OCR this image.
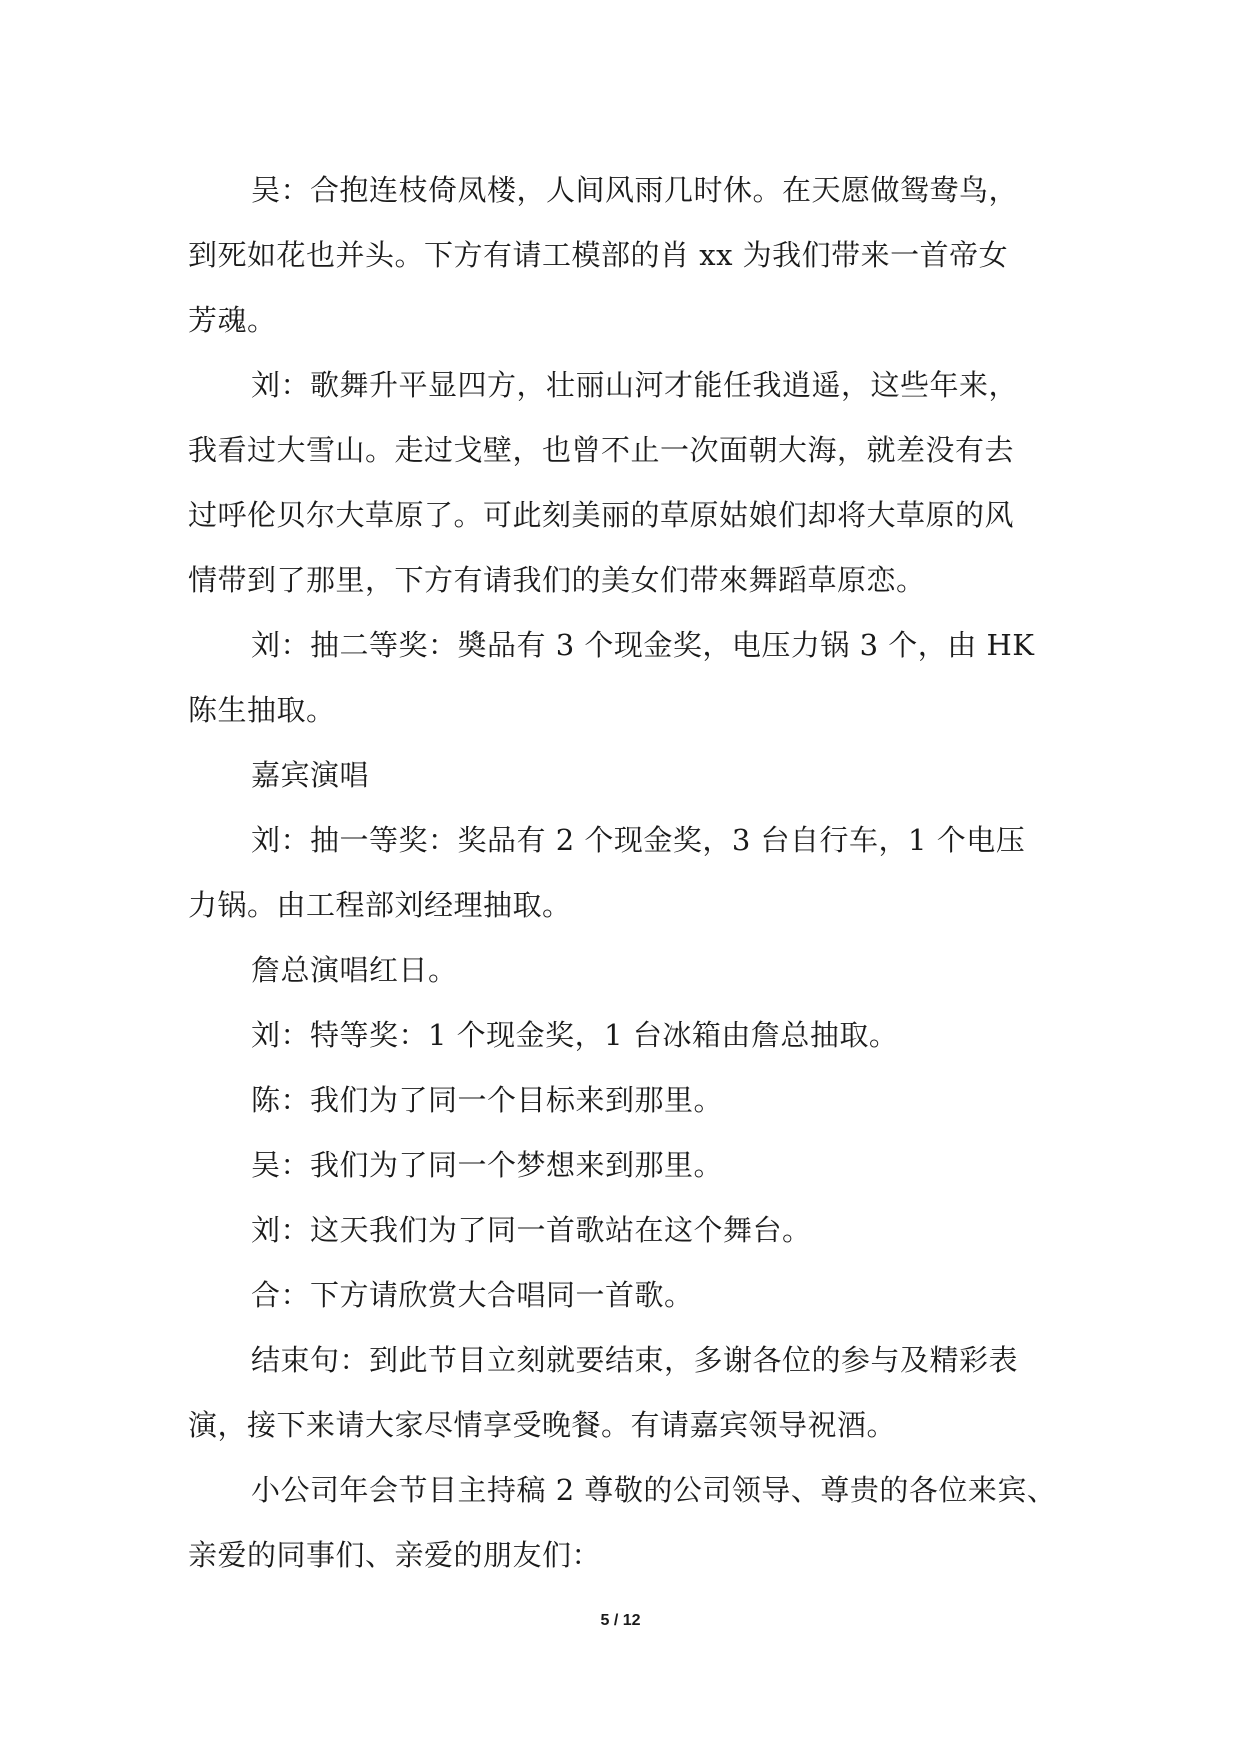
吴：合抱连枝倚凤楼，人间风雨几时休。在天愿做鸳鸯鸟，
到死如花也并头。下方有请工模部的肖 xx 为我们带来一首帝女
芳魂。
刘：歌舞升平显四方，壮丽山河才能任我逍遥，这些年来，
我看过大雪山。走过戈壁，也曾不止一次面朝大海，就差没有去
过呼伦贝尔大草原了。可此刻美丽的草原姑娘们却将大草原的风
情带到了那里，下方有请我们的美女们带來舞蹈草原恋。
刘：抽二等奖：奬品有 3 个现金奖，电压力锅 3 个，由 HK
陈生抽取。
嘉宾演唱
刘：抽一等奖：奖品有 2 个现金奖，3 台自行车，1 个电压
力锅。由工程部刘经理抽取。
詹总演唱红日。
刘：特等奖：1 个现金奖，1 台冰箱由詹总抽取。
陈：我们为了同一个目标来到那里。
吴：我们为了同一个梦想来到那里。
刘：这天我们为了同一首歌站在这个舞台。
合：下方请欣赏大合唱同一首歌。
结束句：到此节目立刻就要结束，多谢各位的参与及精彩表
演，接下来请大家尽情享受晚餐。有请嘉宾领导祝酒。
小公司年会节目主持稿 2 尊敬的公司领导、尊贵的各位来宾、
亲爱的同事们、亲爱的朋友们：
5 / 12
